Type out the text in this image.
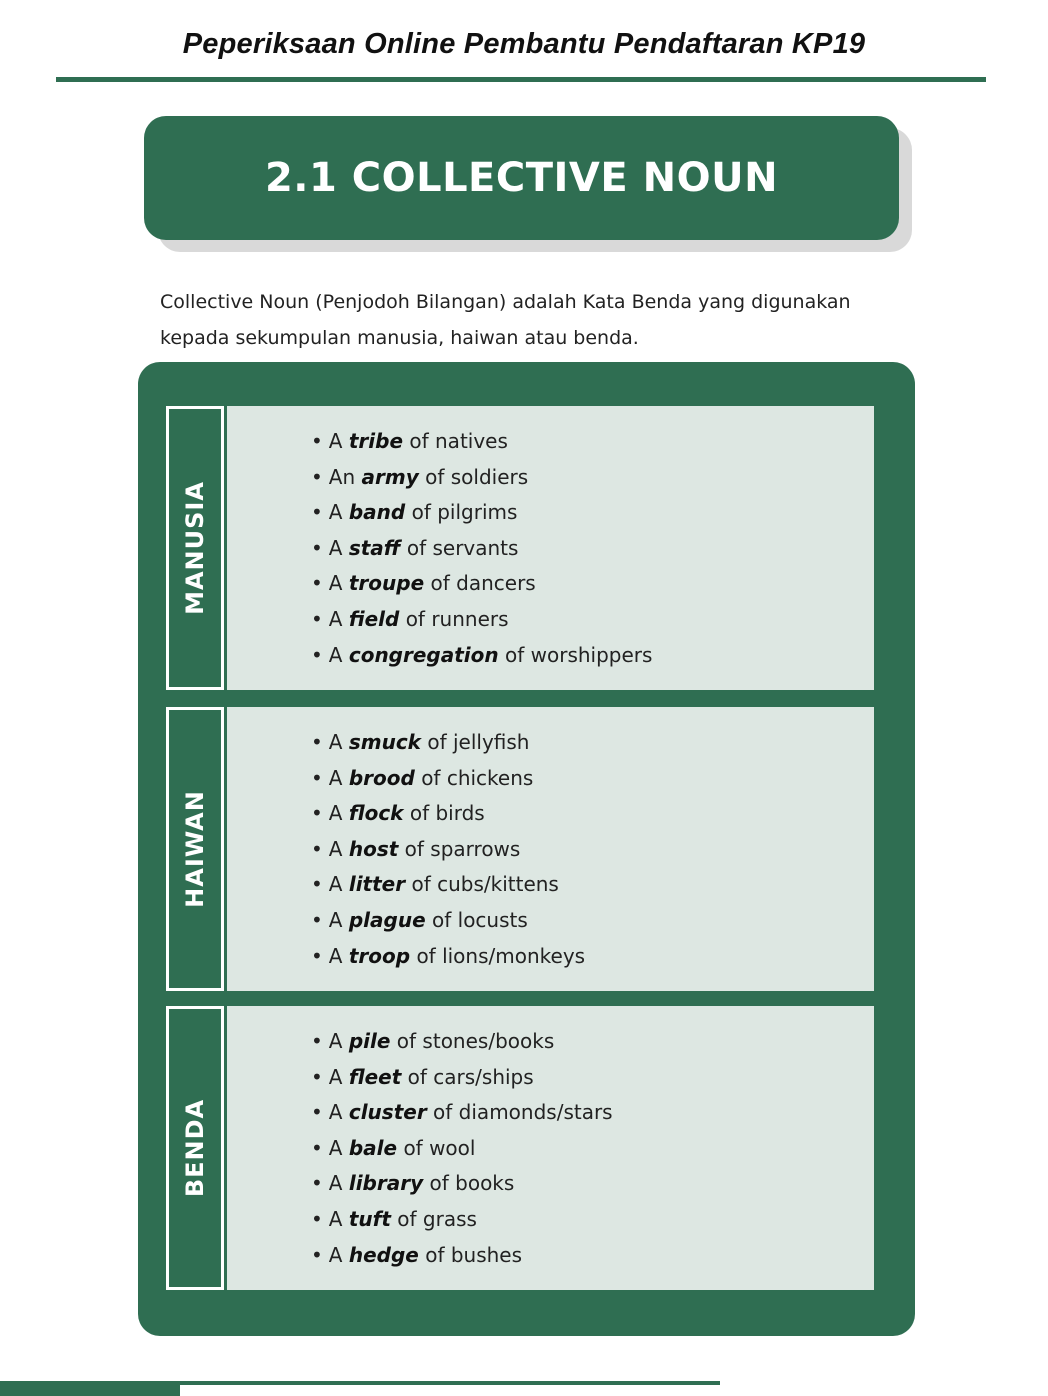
Peperiksaan Online Pembantu Pendaftaran KP19
2.1 COLLECTIVE NOUN

Collective Noun (Penjodoh Bilangan) adalah Kata Benda yang digunakan

kepada sekumpulan manusia, haiwan atau benda.

MANUSIA
• A tribe of natives
• An army of soldiers
• A band of pilgrims
• A staff of servants
• A troupe of dancers
• A field of runners
• A congregation of worshippers
HAIWAN
• A smuck of jellyfish
• A brood of chickens
• A flock of birds
• A host of sparrows
• A litter of cubs/kittens
• A plague of locusts
• A troop of lions/monkeys
BENDA
• A pile of stones/books
• A fleet of cars/ships
• A cluster of diamonds/stars
• A bale of wool
• A library of books
• A tuft of grass
• A hedge of bushes
